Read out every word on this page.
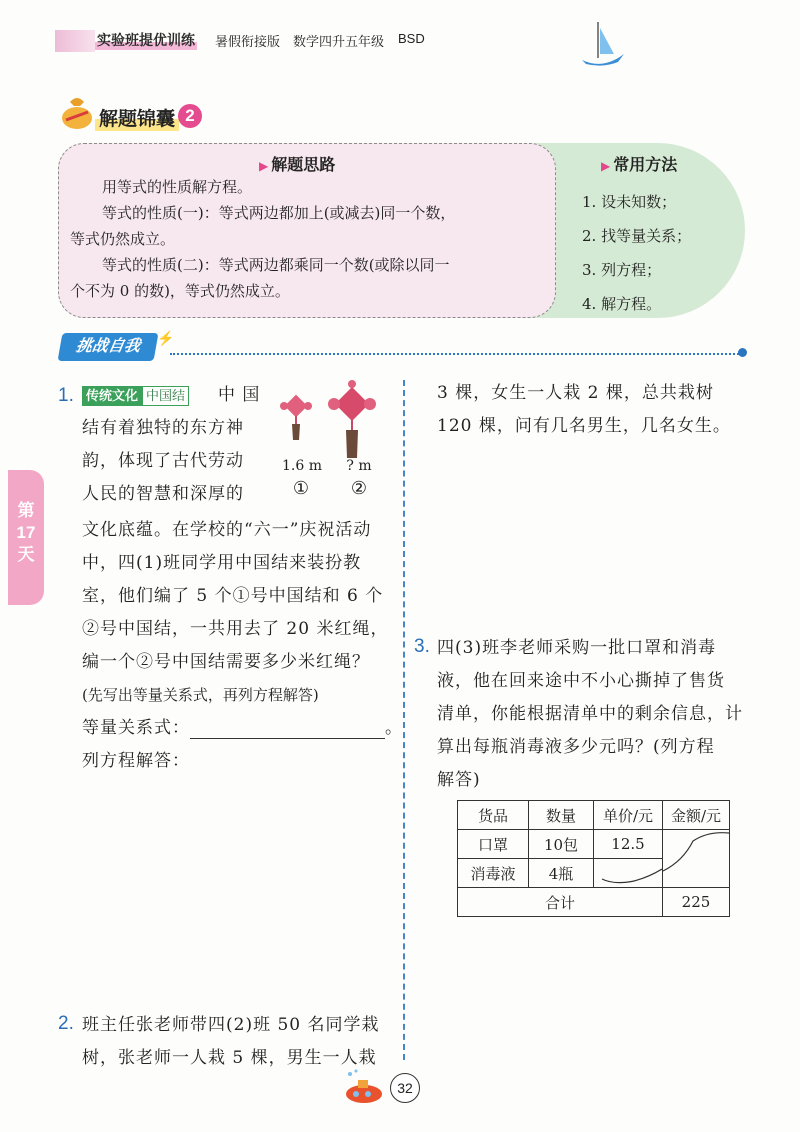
实验班提优训练 暑假衔接版 数学四升五年级 BSD
解题锦囊 2
▶ 解题思路
用等式的性质解方程。
等式的性质(一)：等式两边都加上(或减去)同一个数，
等式仍然成立。
等式的性质(二)：等式两边都乘同一个数(或除以同一
个不为 0 的数)，等式仍然成立。
▶ 常用方法
1. 设未知数；
2. 找等量关系；
3. 列方程；
4. 解方程。
挑战自我	⚡
第
17
天
1. 传统文化 中国结 中 国
结有着独特的东方神
韵，体现了古代劳动
人民的智慧和深厚的
1.6 m	? m
①	②
文化底蕴。在学校的“六一”庆祝活动
中，四(1)班同学用中国结来装扮教
室，他们编了 5 个①号中国结和 6 个
②号中国结，一共用去了 20 米红绳，
编一个②号中国结需要多少米红绳？
(先写出等量关系式，再列方程解答)
等量关系式：	。
列方程解答：
2. 班主任张老师带四(2)班 50 名同学栽
树，张老师一人栽 5 棵，男生一人栽
3 棵，女生一人栽 2 棵，总共栽树
120 棵，问有几名男生，几名女生。
3. 四(3)班李老师采购一批口罩和消毒
液，他在回来途中不小心撕掉了售货
清单，你能根据清单中的剩余信息，计
算出每瓶消毒液多少元吗？(列方程
解答)
货品	数量	单价/元	金额/元
口罩	10包	12.5	

消毒液	4瓶	

合计			225
32
